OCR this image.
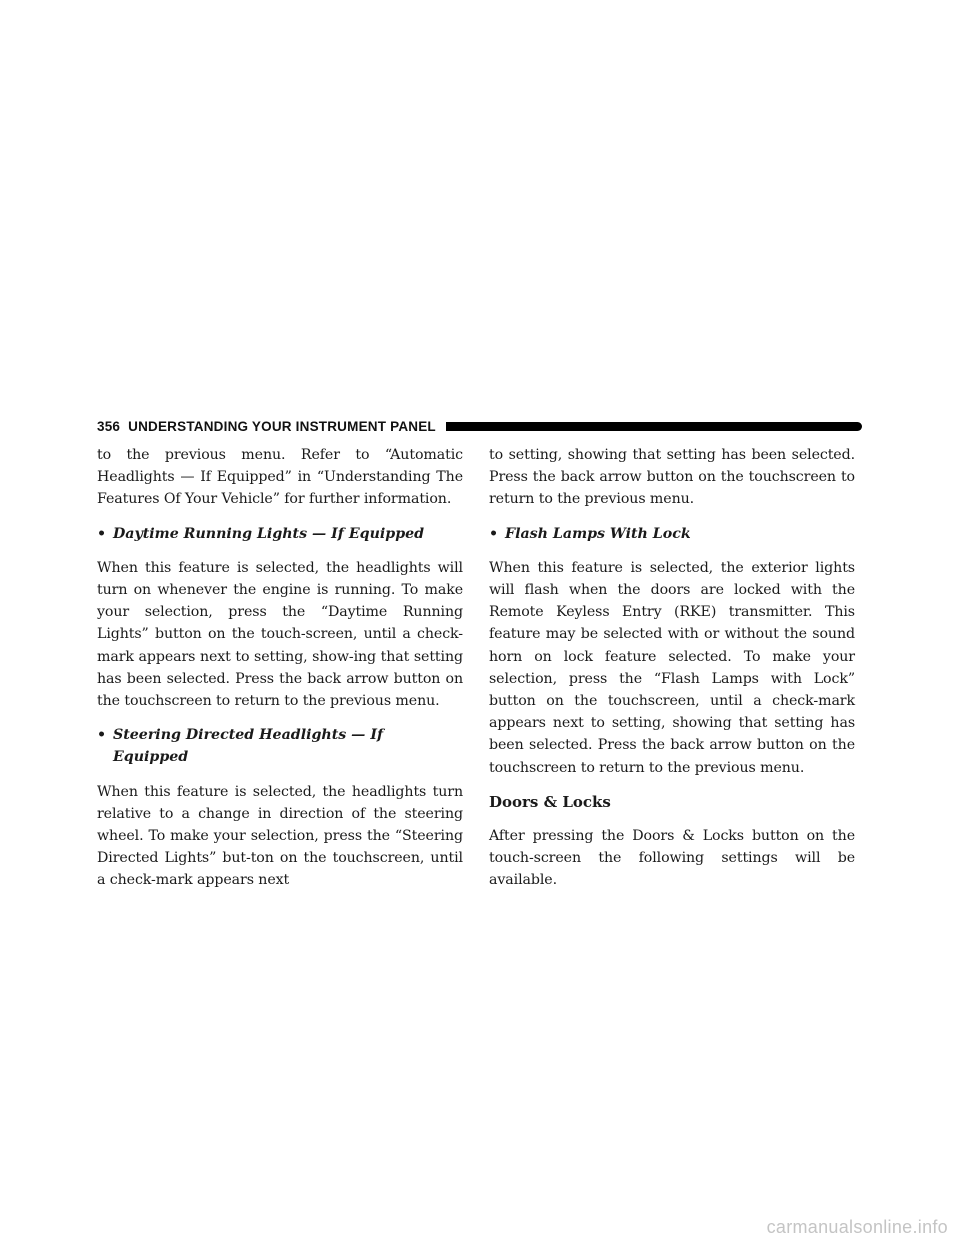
356 UNDERSTANDING YOUR INSTRUMENT PANEL

to the previous menu. Refer to “Automatic Headlights — If Equipped” in “Understanding The Features Of Your Vehicle” for further information.

• Daytime Running Lights — If Equipped

When this feature is selected, the headlights will turn on whenever the engine is running. To make your selection, press the “Daytime Running Lights” button on the touch-screen, until a check-mark appears next to setting, show-ing that setting has been selected. Press the back arrow button on the touchscreen to return to the previous menu.

• Steering Directed Headlights — If Equipped

When this feature is selected, the headlights turn relative to a change in direction of the steering wheel. To make your selection, press the “Steering Directed Lights” but-ton on the touchscreen, until a check-mark appears next

to setting, showing that setting has been selected. Press the back arrow button on the touchscreen to return to the previous menu.

• Flash Lamps With Lock

When this feature is selected, the exterior lights will flash when the doors are locked with the Remote Keyless Entry (RKE) transmitter. This feature may be selected with or without the sound horn on lock feature selected. To make your selection, press the “Flash Lamps with Lock” button on the touchscreen, until a check-mark appears next to setting, showing that setting has been selected. Press the back arrow button on the touchscreen to return to the previous menu.

Doors & Locks

After pressing the Doors & Locks button on the touch-screen the following settings will be available.

carmanualsonline.info
